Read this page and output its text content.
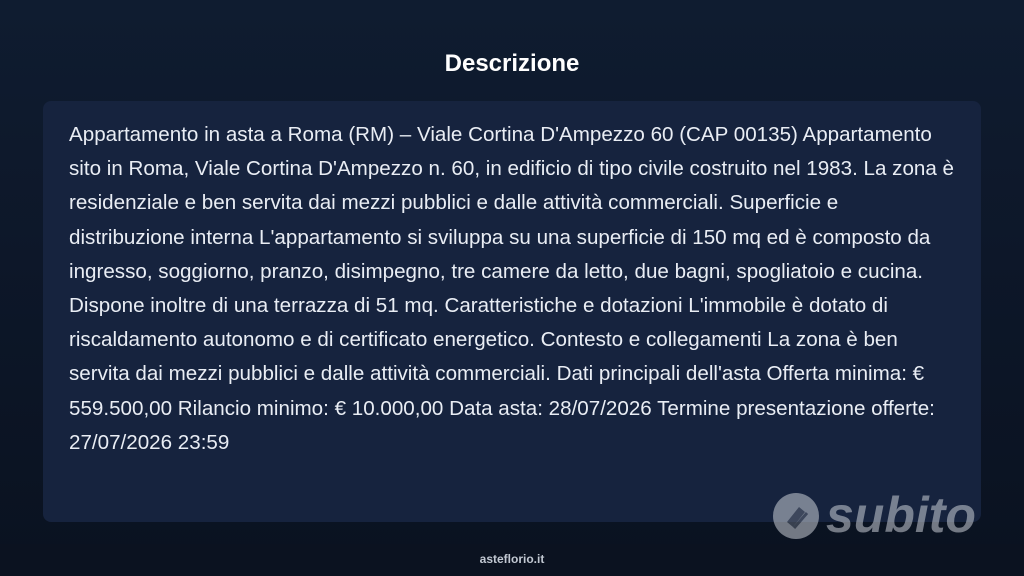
Descrizione

Appartamento in asta a Roma (RM) – Viale Cortina D'Ampezzo 60 (CAP 00135) Appartamento sito in Roma, Viale Cortina D'Ampezzo n. 60, in edificio di tipo civile costruito nel 1983. La zona è residenziale e ben servita dai mezzi pubblici e dalle attività commerciali. Superficie e distribuzione interna L'appartamento si sviluppa su una superficie di 150 mq ed è composto da ingresso, soggiorno, pranzo, disimpegno, tre camere da letto, due bagni, spogliatoio e cucina. Dispone inoltre di una terrazza di 51 mq. Caratteristiche e dotazioni L'immobile è dotato di riscaldamento autonomo e di certificato energetico. Contesto e collegamenti La zona è ben servita dai mezzi pubblici e dalle attività commerciali. Dati principali dell'asta Offerta minima: € 559.500,00 Rilancio minimo: € 10.000,00 Data asta: 28/07/2026 Termine presentazione offerte: 27/07/2026 23:59

subito
asteflorio.it
